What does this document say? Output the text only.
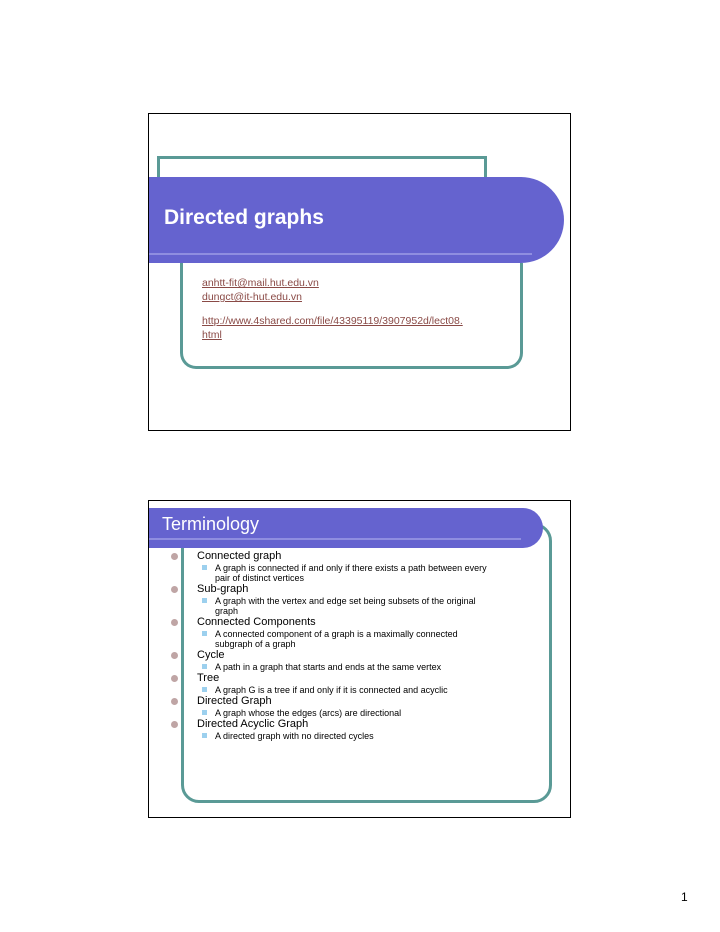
Directed graphs
anhtt-fit@mail.hut.edu.vn
dungct@it-hut.edu.vn
http://www.4shared.com/file/43395119/3907952d/lect08.
html
Terminology
Connected graph
A graph is connected if and only if there exists a path between every
pair of distinct vertices
Sub-graph
A graph with the vertex and edge set being subsets of the original
graph
Connected Components
A connected component of a graph is a maximally connected
subgraph of a graph
Cycle
A path in a graph that starts and ends at the same vertex
Tree
A graph G is a tree if and only if it is connected and acyclic
Directed Graph
A graph whose the edges (arcs) are directional
Directed Acyclic Graph
A directed graph with no directed cycles
1
